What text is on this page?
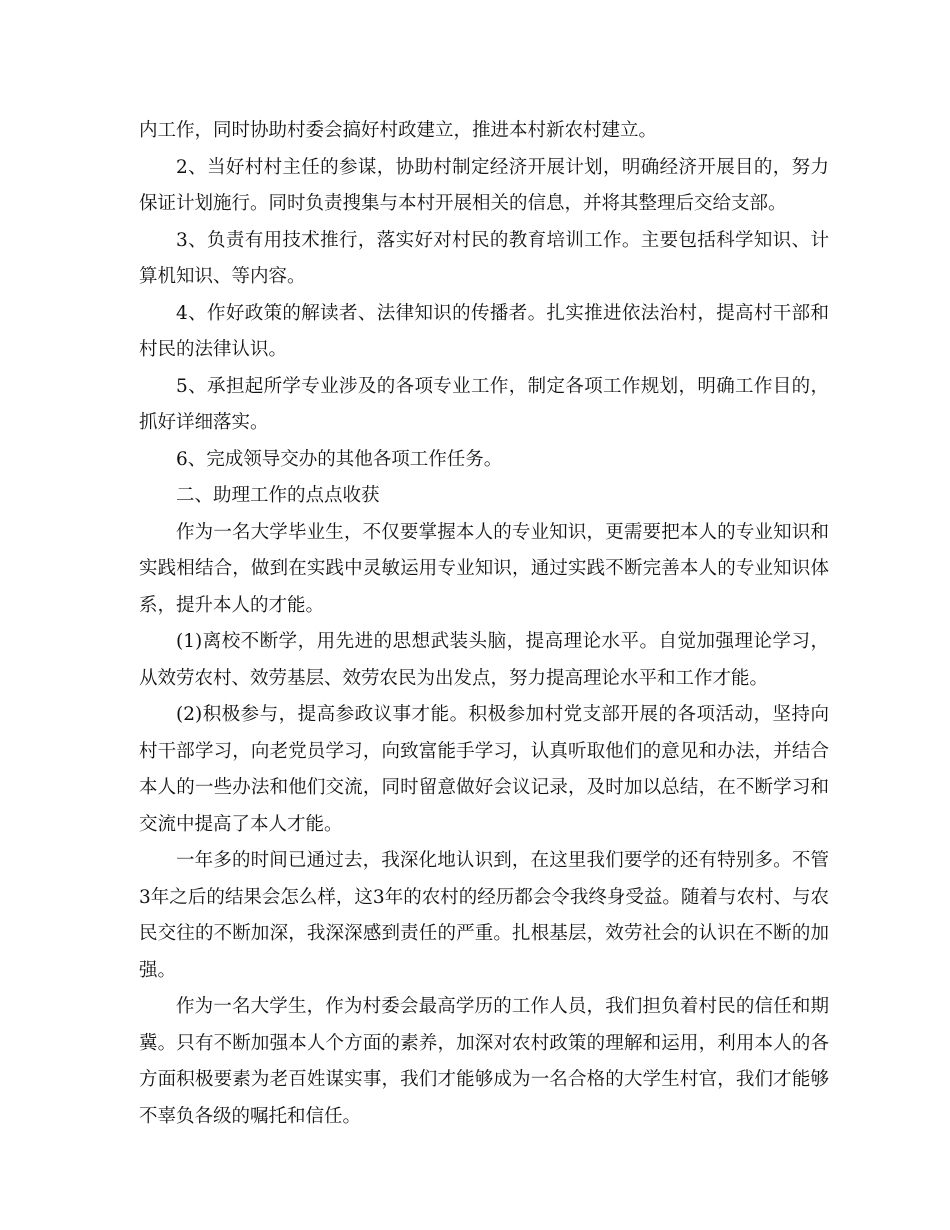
内工作，同时协助村委会搞好村政建立，推进本村新农村建立。

2、当好村村主任的参谋，协助村制定经济开展计划，明确经济开展目的，努力保证计划施行。同时负责搜集与本村开展相关的信息，并将其整理后交给支部。

3、负责有用技术推行，落实好对村民的教育培训工作。主要包括科学知识、计算机知识、等内容。

4、作好政策的解读者、法律知识的传播者。扎实推进依法治村，提高村干部和村民的法律认识。

5、承担起所学专业涉及的各项专业工作，制定各项工作规划，明确工作目的，抓好详细落实。

6、完成领导交办的其他各项工作任务。

二、助理工作的点点收获

作为一名大学毕业生，不仅要掌握本人的专业知识，更需要把本人的专业知识和实践相结合，做到在实践中灵敏运用专业知识，通过实践不断完善本人的专业知识体系，提升本人的才能。

(1)离校不断学，用先进的思想武装头脑，提高理论水平。自觉加强理论学习，从效劳农村、效劳基层、效劳农民为出发点，努力提高理论水平和工作才能。

(2)积极参与，提高参政议事才能。积极参加村党支部开展的各项活动，坚持向村干部学习，向老党员学习，向致富能手学习，认真听取他们的意见和办法，并结合本人的一些办法和他们交流，同时留意做好会议记录，及时加以总结，在不断学习和交流中提高了本人才能。

一年多的时间已通过去，我深化地认识到，在这里我们要学的还有特别多。不管3年之后的结果会怎么样，这3年的农村的经历都会令我终身受益。随着与农村、与农民交往的不断加深，我深深感到责任的严重。扎根基层，效劳社会的认识在不断的加强。

作为一名大学生，作为村委会最高学历的工作人员，我们担负着村民的信任和期冀。只有不断加强本人个方面的素养，加深对农村政策的理解和运用，利用本人的各方面积极要素为老百姓谋实事，我们才能够成为一名合格的大学生村官，我们才能够不辜负各级的嘱托和信任。
